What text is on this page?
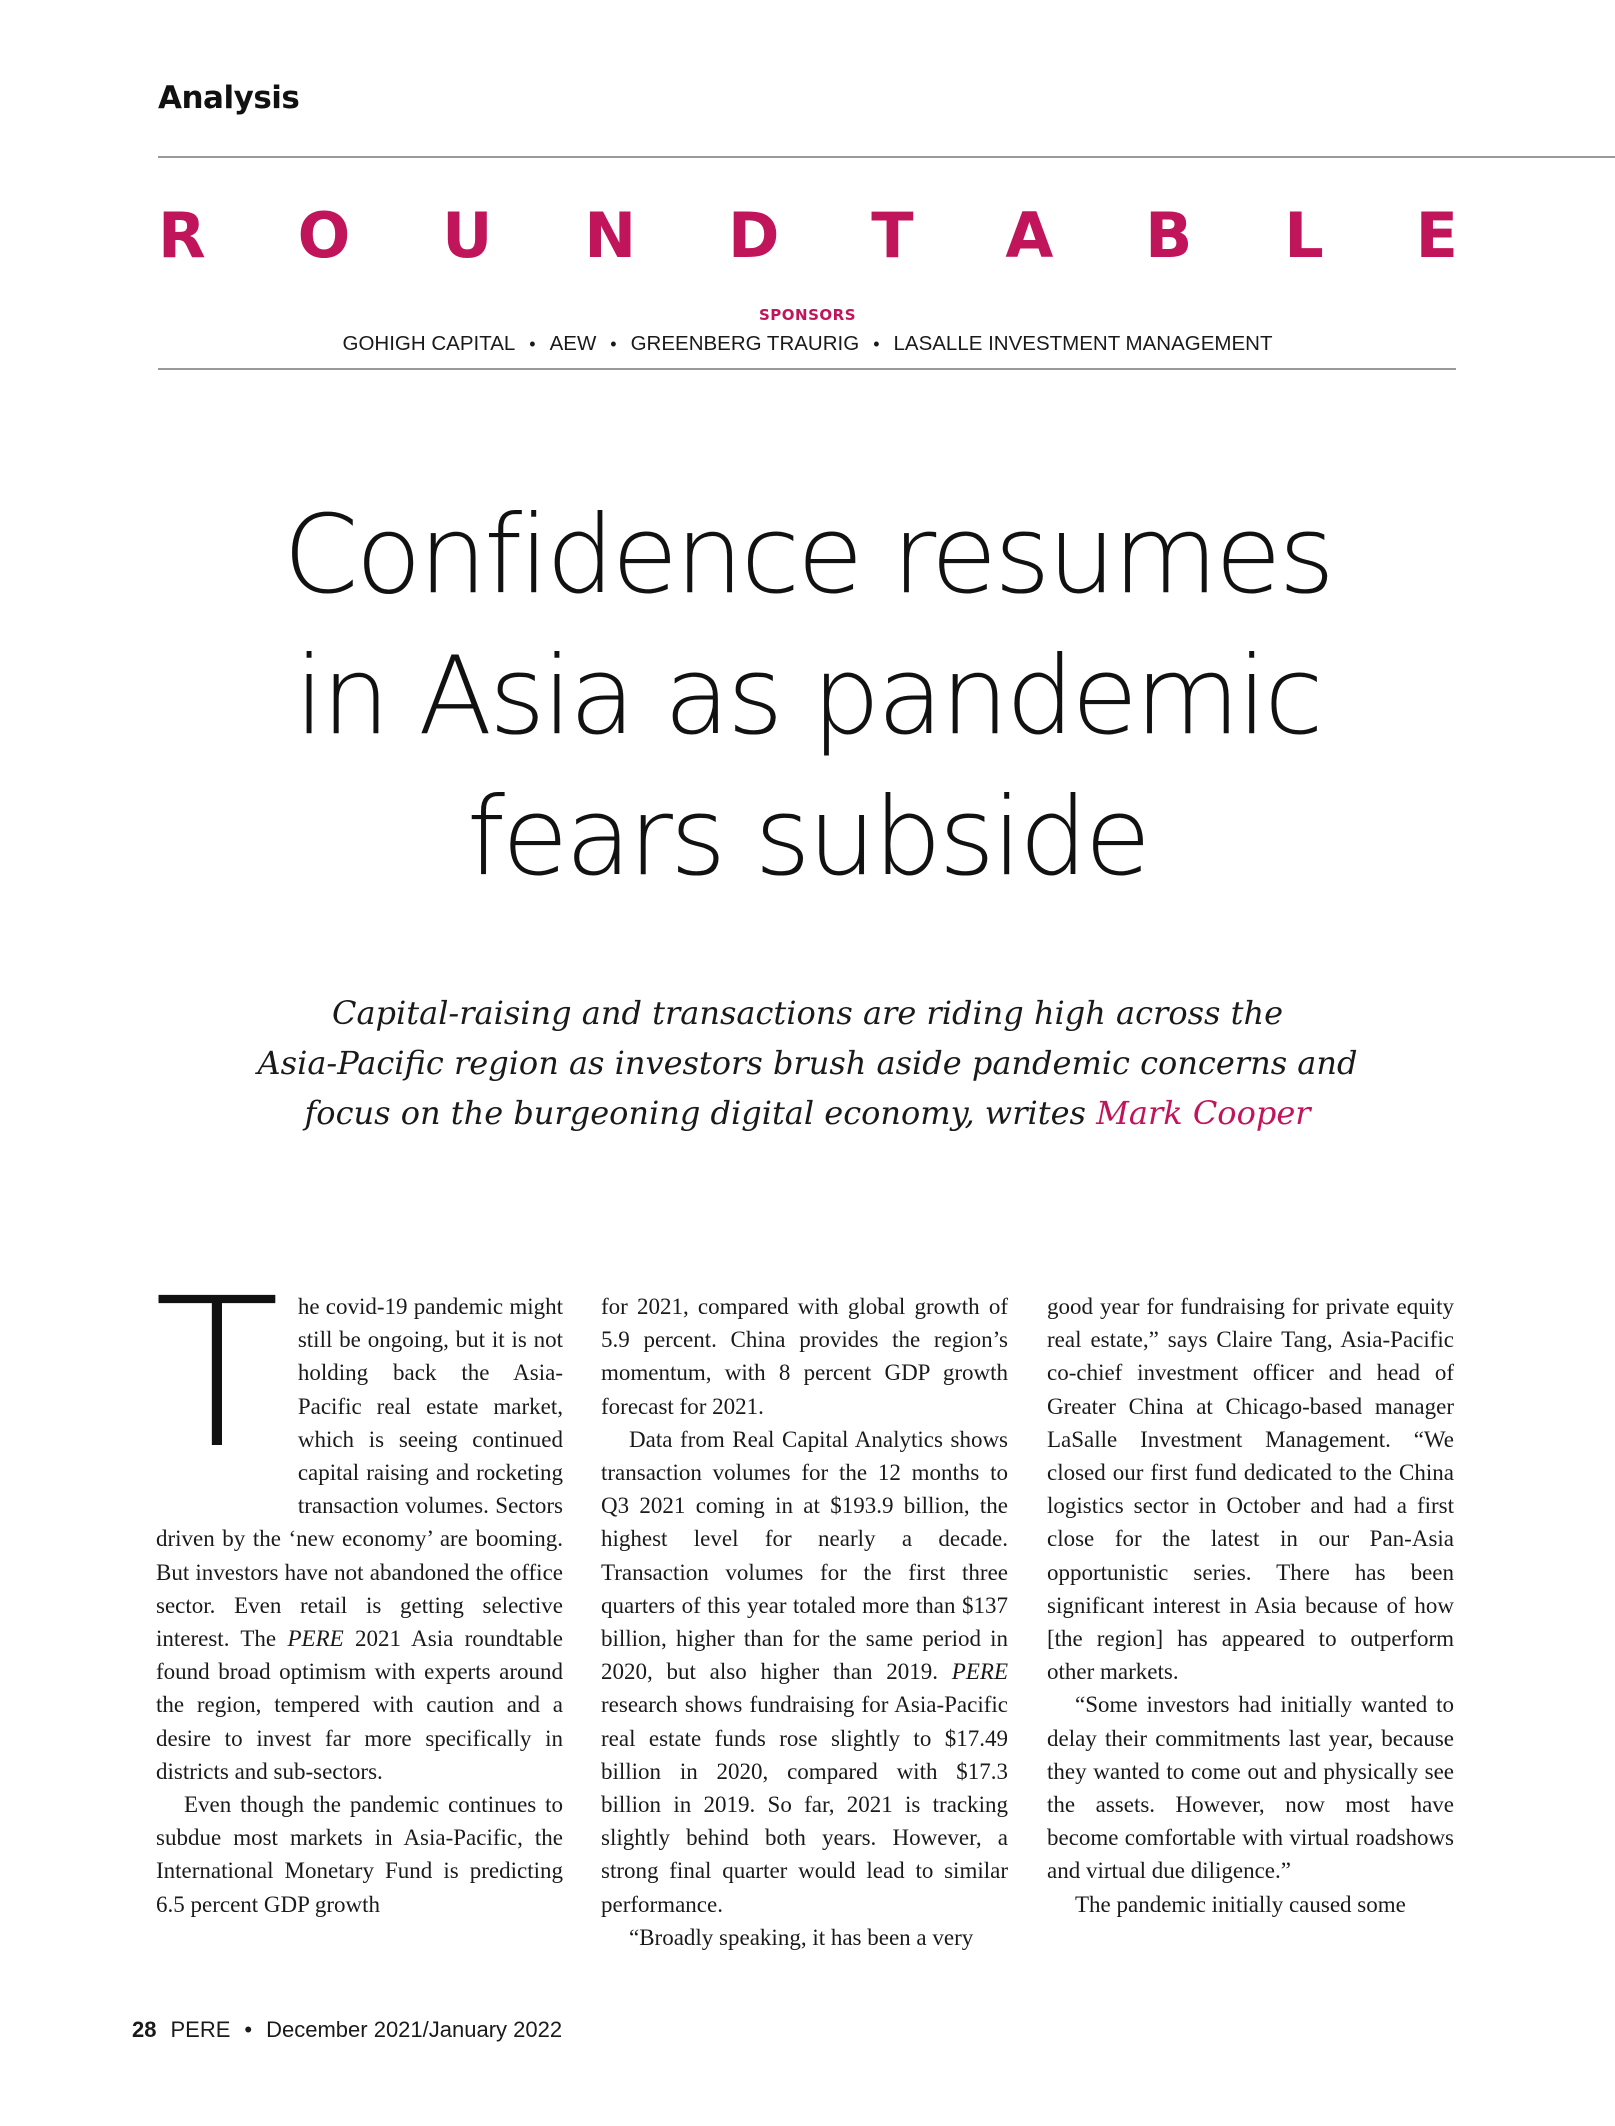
Analysis
R O U N D T A B L E
SPONSORS
GOHIGH CAPITAL • AEW • GREENBERG TRAURIG • LASALLE INVESTMENT MANAGEMENT
Confidence resumes
in Asia as pandemic
fears subside
Capital-raising and transactions are riding high across the
Asia-Pacific region as investors brush aside pandemic concerns and
focus on the burgeoning digital economy, writes Mark Cooper

The covid-19 pandemic might still be ongoing, but it is not holding back the Asia-Pacific real estate market, which is seeing continued capital raising and rocketing transaction volumes. Sectors driven by the ‘new economy’ are booming. But investors have not abandoned the office sector. Even retail is getting selective interest. The PERE 2021 Asia roundtable found broad optimism with experts around the region, tempered with caution and a desire to invest far more specifically in districts and sub-sectors.

Even though the pandemic continues to subdue most markets in Asia-Pacific, the International Monetary Fund is predicting 6.5 percent GDP growth

for 2021, compared with global growth of 5.9 percent. China provides the region’s momentum, with 8 percent GDP growth forecast for 2021.

Data from Real Capital Analytics shows transaction volumes for the 12 months to Q3 2021 coming in at $193.9 billion, the highest level for nearly a decade. Transaction volumes for the first three quarters of this year totaled more than $137 billion, higher than for the same period in 2020, but also higher than 2019. PERE research shows fundraising for Asia-Pacific real estate funds rose slightly to $17.49 billion in 2020, compared with $17.3 billion in 2019. So far, 2021 is tracking slightly behind both years. However, a strong final quarter would lead to similar performance.

“Broadly speaking, it has been a very

good year for fundraising for private equity real estate,” says Claire Tang, Asia-Pacific co-chief investment officer and head of Greater China at Chicago-based manager LaSalle Investment Management. “We closed our first fund dedicated to the China logistics sector in October and had a first close for the latest in our Pan-Asia opportunistic series. There has been significant interest in Asia because of how [the region] has appeared to outperform other markets.

“Some investors had initially wanted to delay their commitments last year, because they wanted to come out and physically see the assets. However, now most have become comfortable with virtual roadshows and virtual due diligence.”

The pandemic initially caused some

28 PERE • December 2021/January 2022
